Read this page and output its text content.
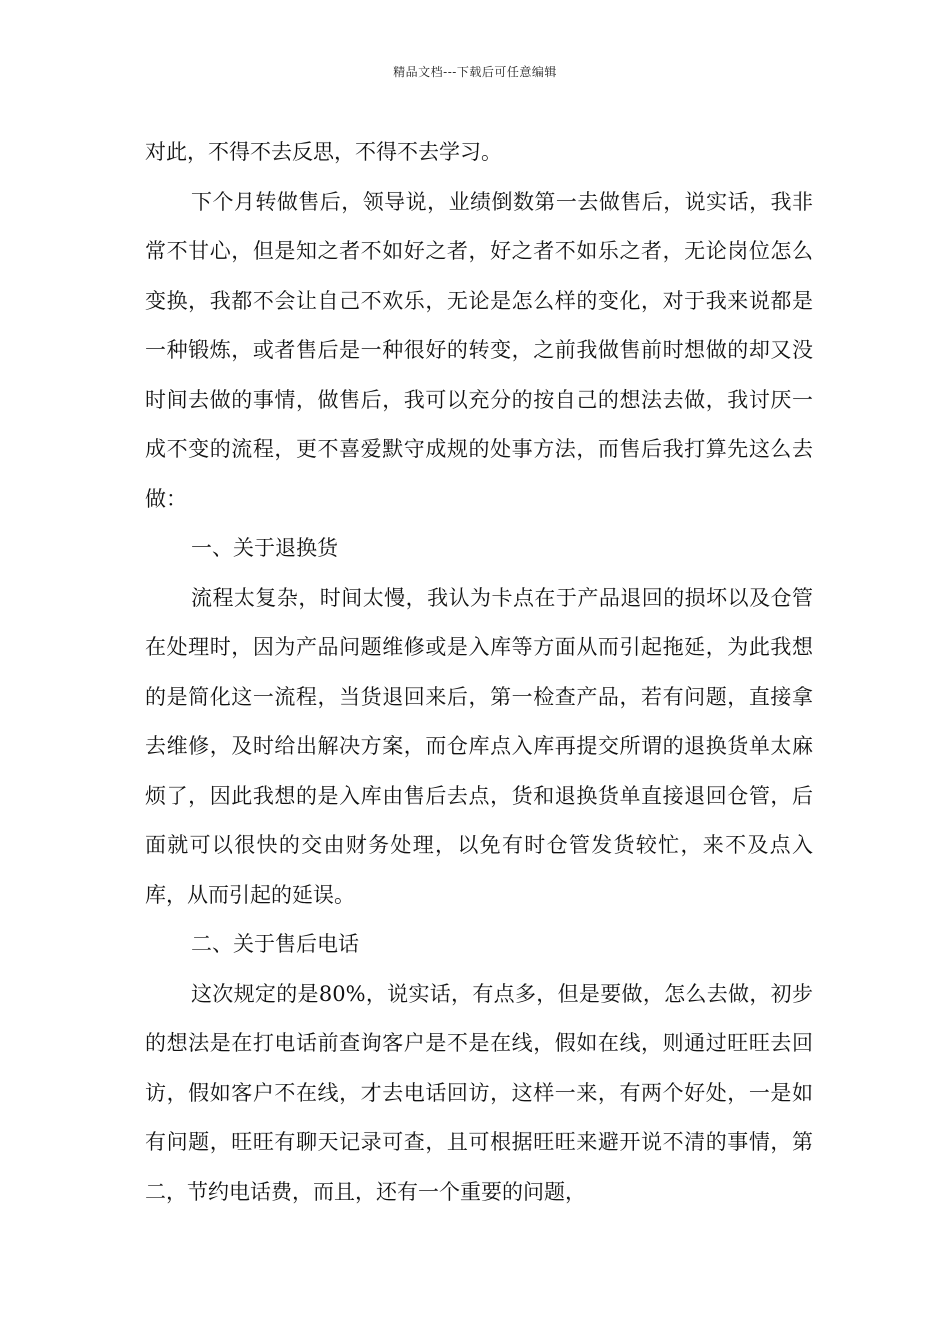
精品文档---下载后可任意编辑

对此，不得不去反思，不得不去学习。

下个月转做售后，领导说，业绩倒数第一去做售后，说实话，我非常不甘心，但是知之者不如好之者，好之者不如乐之者，无论岗位怎么变换，我都不会让自己不欢乐，无论是怎么样的变化，对于我来说都是一种锻炼，或者售后是一种很好的转变，之前我做售前时想做的却又没时间去做的事情，做售后，我可以充分的按自己的想法去做，我讨厌一成不变的流程，更不喜爱默守成规的处事方法，而售后我打算先这么去做：

一、关于退换货

流程太复杂，时间太慢，我认为卡点在于产品退回的损坏以及仓管在处理时，因为产品问题维修或是入库等方面从而引起拖延，为此我想的是简化这一流程，当货退回来后，第一检查产品，若有问题，直接拿去维修，及时给出解决方案，而仓库点入库再提交所谓的退换货单太麻烦了，因此我想的是入库由售后去点，货和退换货单直接退回仓管，后面就可以很快的交由财务处理，以免有时仓管发货较忙，来不及点入库，从而引起的延误。

二、关于售后电话

这次规定的是80%，说实话，有点多，但是要做，怎么去做，初步的想法是在打电话前查询客户是不是在线，假如在线，则通过旺旺去回访，假如客户不在线，才去电话回访，这样一来，有两个好处，一是如有问题，旺旺有聊天记录可查，且可根据旺旺来避开说不清的事情，第二，节约电话费，而且，还有一个重要的问题，
